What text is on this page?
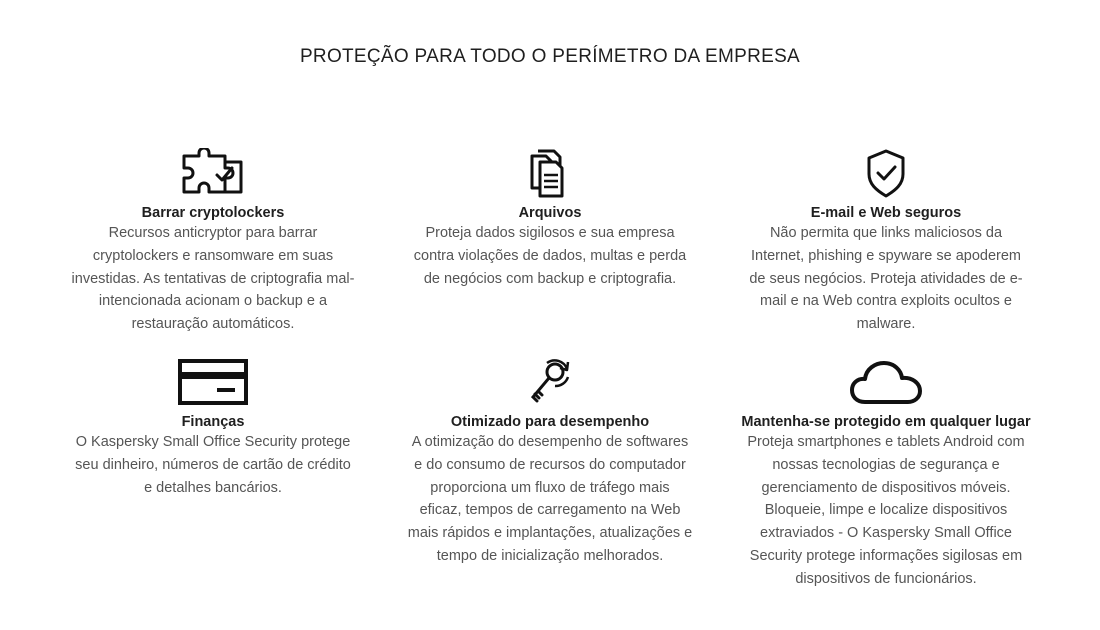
PROTEÇÃO PARA TODO O PERÍMETRO DA EMPRESA

Barrar cryptolockers

Recursos anticryptor para barrar
cryptolockers e ransomware em suas
investidas. As tentativas de criptografia mal-
intencionada acionam o backup e a
restauração automáticos.

Arquivos

Proteja dados sigilosos e sua empresa
contra violações de dados, multas e perda
de negócios com backup e criptografia.

E-mail e Web seguros

Não permita que links maliciosos da
Internet, phishing e spyware se apoderem
de seus negócios. Proteja atividades de e-
mail e na Web contra exploits ocultos e
malware.

Finanças

O Kaspersky Small Office Security protege
seu dinheiro, números de cartão de crédito
e detalhes bancários.

Otimizado para desempenho

A otimização do desempenho de softwares
e do consumo de recursos do computador
proporciona um fluxo de tráfego mais
eficaz, tempos de carregamento na Web
mais rápidos e implantações, atualizações e
tempo de inicialização melhorados.

Mantenha-se protegido em qualquer lugar

Proteja smartphones e tablets Android com
nossas tecnologias de segurança e
gerenciamento de dispositivos móveis.
Bloqueie, limpe e localize dispositivos
extraviados - O Kaspersky Small Office
Security protege informações sigilosas em
dispositivos de funcionários.
